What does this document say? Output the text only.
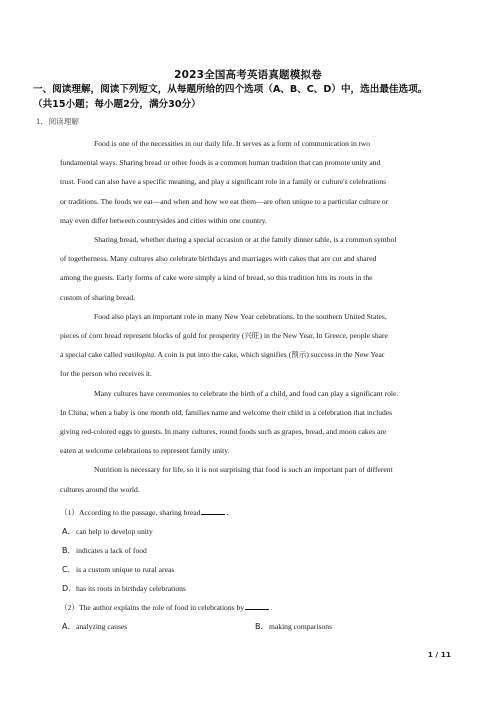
2023全国高考英语真题模拟卷
一、阅读理解，阅读下列短文，从每题所给的四个选项（A、B、C、D）中，选出最佳选项。
（共15小题；每小题2分，满分30分）
1．阅读理解
Food is one of the necessities in our daily life. It serves as a form of communication in two
fundamental ways. Sharing bread or other foods is a common human tradition that can promote unity and
trust. Food can also have a specific meaning, and play a significant role in a family or culture's celebrations
or traditions. The foods we eat—and when and how we eat them—are often unique to a particular culture or
may even differ between countrysides and cities within one country.
Sharing bread, whether during a special occasion or at the family dinner table, is a common symbol
of togetherness. Many cultures also celebrate birthdays and marriages with cakes that are cut and shared
among the guests. Early forms of cake were simply a kind of bread, so this tradition hits its roots in the
custom of sharing bread.
Food also plays an important role in many New Year celebrations. In the southern United States,
pieces of corn bread represent blocks of gold for prosperity (兴旺) in the New Year. In Greece, people share
a special cake called vasilopita. A coin is put into the cake, which signifies (预示) success in the New Year
for the person who receives it.
Many cultures have ceremonies to celebrate the birth of a child, and food can play a significant role.
In China, when a baby is one month old, families name and welcome their child in a celebration that includes
giving red-colored eggs to guests. In many cultures, round foods such as grapes, bread, and moon cakes are
eaten at welcome celebrations to represent family unity.
Nutrition is necessary for life, so it is not surprising that food is such an important part of different
cultures around the world.
（1）According to the passage, sharing bread	.
A．can help to develop unity
B．indicates a lack of food
C．is a custom unique to rural areas
D．has its roots in birthday celebrations
（2）The author explains the role of food in celebrations by	.
A．analyzing causes	B．making comparisons
1 / 11
